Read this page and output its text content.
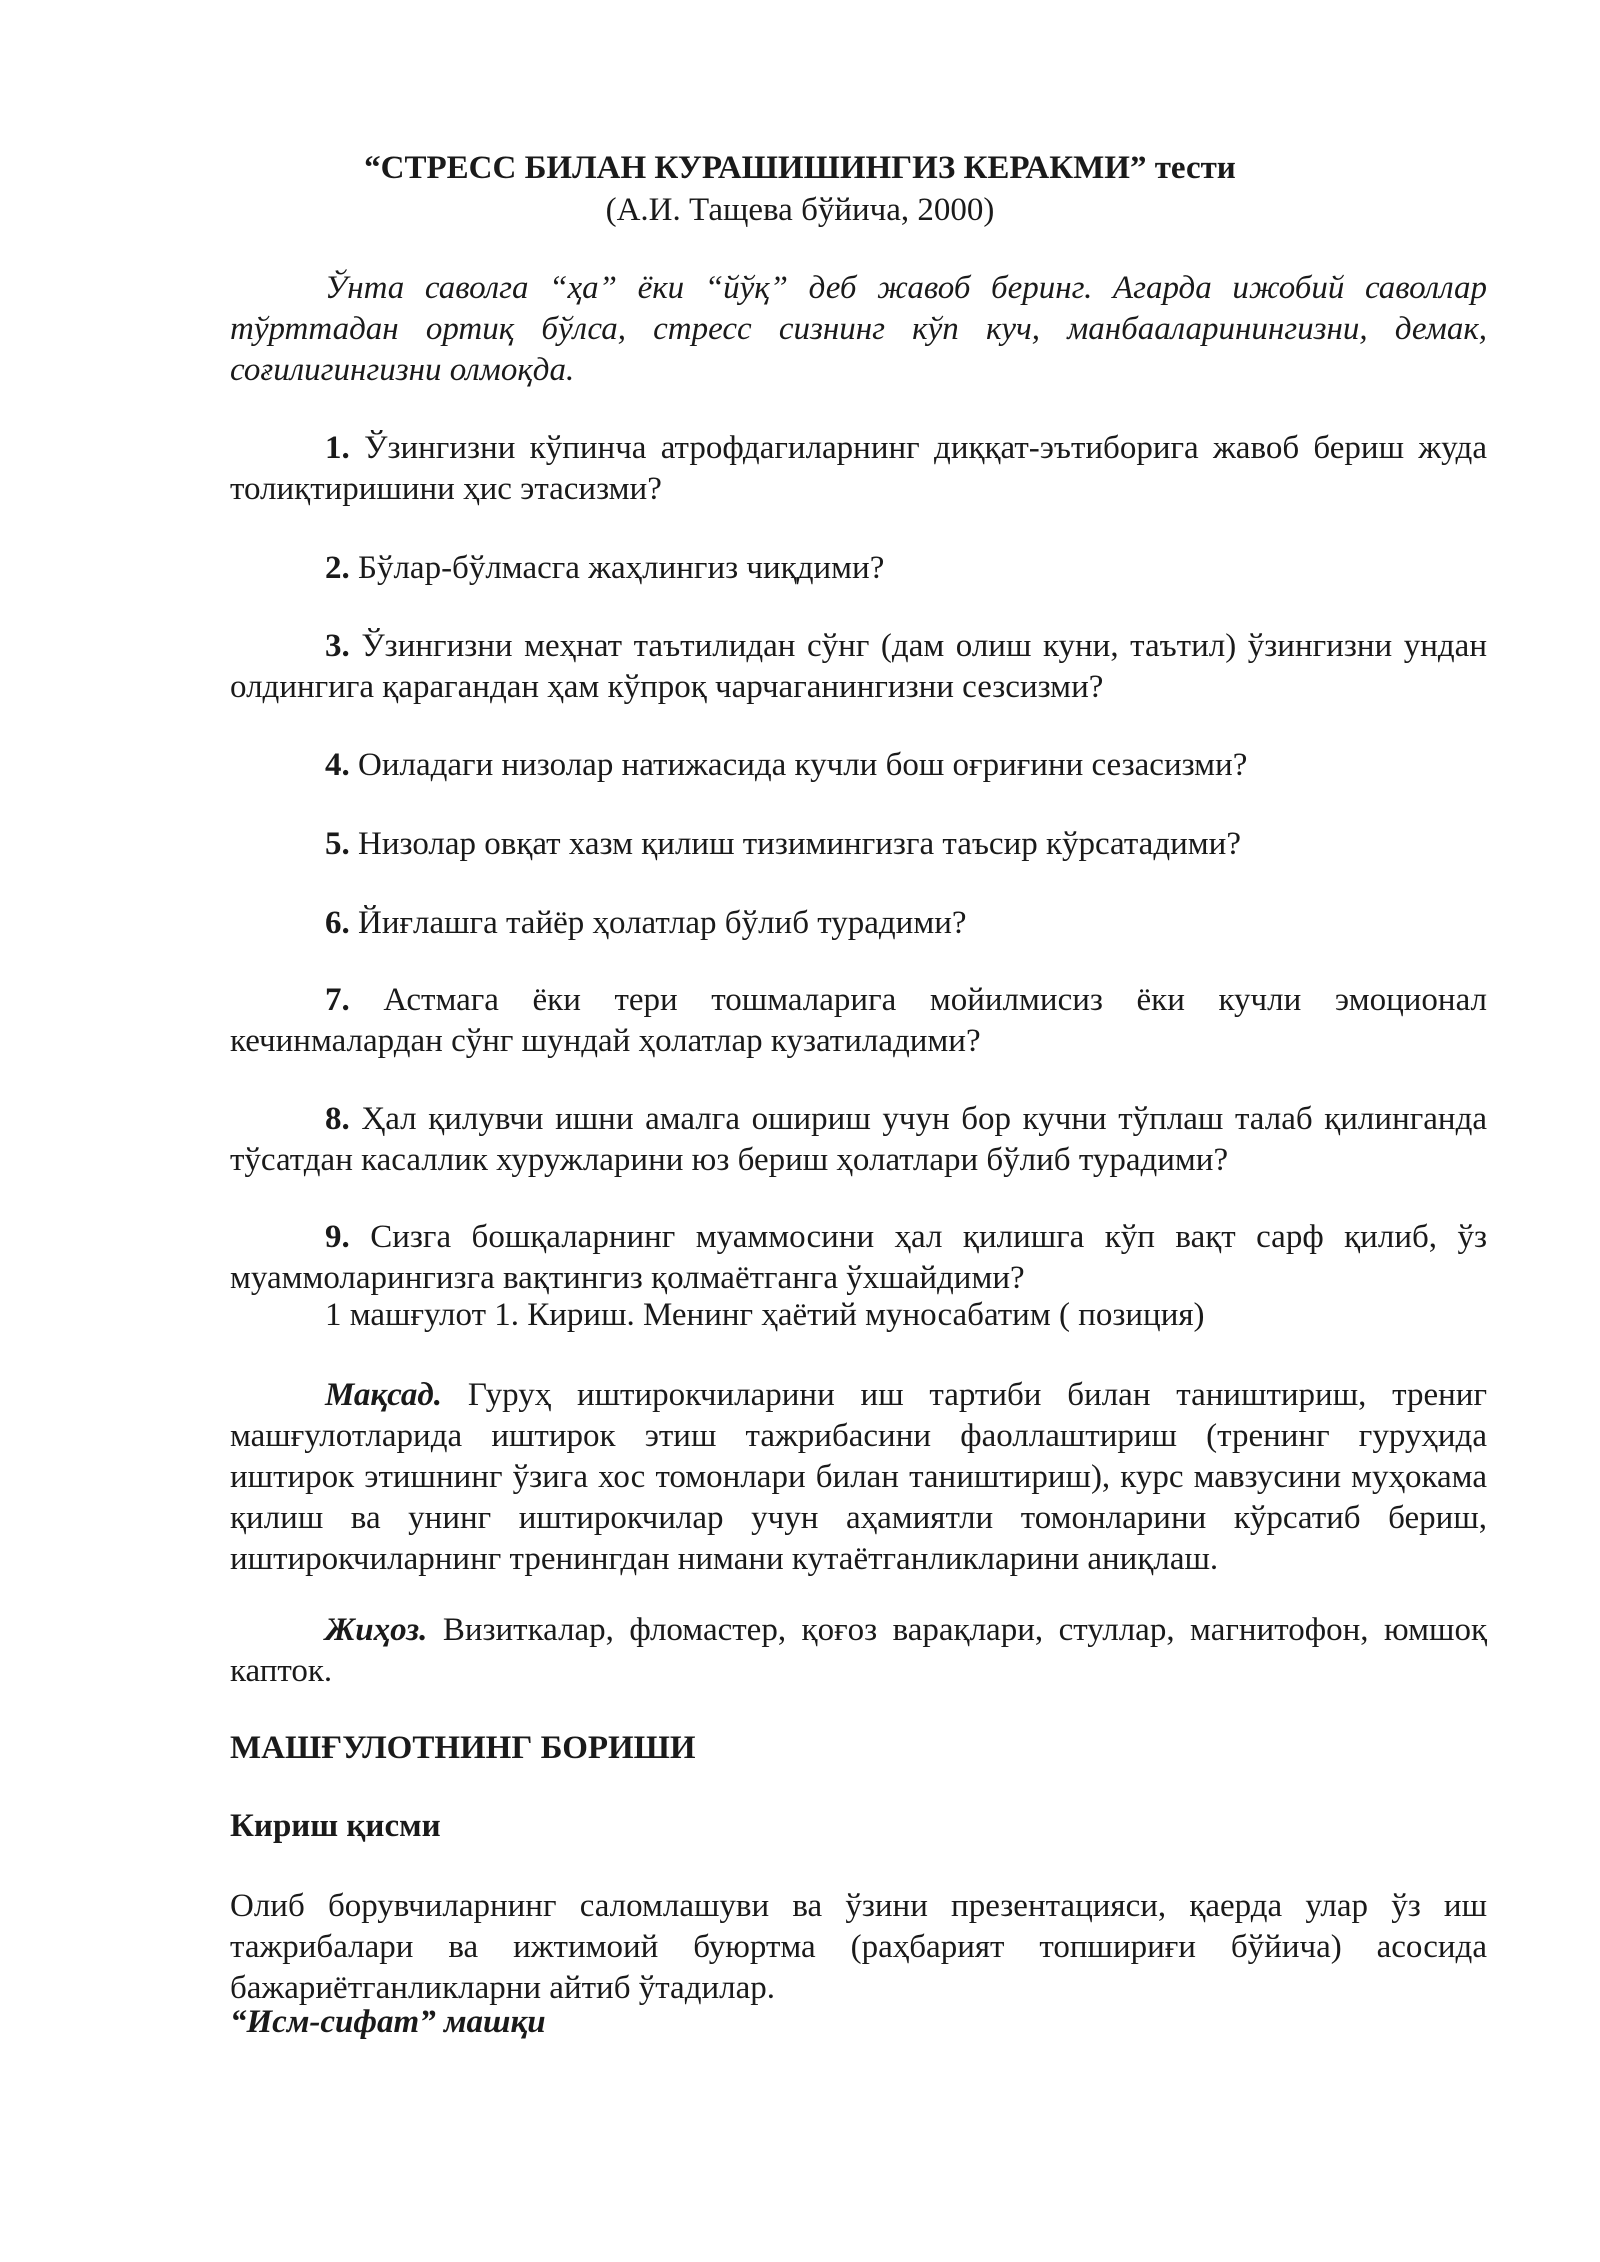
“СТРЕСС БИЛАН КУРАШИШИНГИЗ КЕРАКМИ” тести
(А.И. Тащева бўйича, 2000)
Ўнта саволга “ҳа” ёки “йўқ” деб жавоб беринг. Агарда ижобий саволлар тўрттадан ортиқ бўлса, стресс сизнинг кўп куч, манбааларинингизни, демак, соғилигингизни олмоқда.
1. Ўзингизни кўпинча атрофдагиларнинг диққат-эътиборига жавоб бериш жуда толиқтиришини ҳис этасизми?
2. Бўлар-бўлмасга жаҳлингиз чиқдими?
3. Ўзингизни меҳнат таътилидан сўнг (дам олиш куни, таътил) ўзингизни ундан олдингига қарагандан ҳам кўпроқ чарчаганингизни сезсизми?
4. Оиладаги низолар натижасида кучли бош оғриғини сезасизми?
5. Низолар овқат хазм қилиш тизимингизга таъсир кўрсатадими?
6. Йиғлашга тайёр ҳолатлар бўлиб турадими?
7. Астмага ёки тери тошмаларига мойилмисиз ёки кучли эмоционал кечинмалардан сўнг шундай ҳолатлар кузатиладими?
8. Ҳал қилувчи ишни амалга ошириш учун бор кучни тўплаш талаб қилинганда тўсатдан касаллик хуружларини юз бериш ҳолатлари бўлиб турадими?
9. Сизга бошқаларнинг муаммосини ҳал қилишга кўп вақт сарф қилиб, ўз муаммоларингизга вақтингиз қолмаётганга ўхшайдими?
1 машғулот 1. Кириш. Менинг ҳаётий муносабатим ( позиция)
Мақсад. Гуруҳ иштирокчиларини иш тартиби билан таништириш, трениг машғулотларида иштирок этиш тажрибасини фаоллаштириш (тренинг гуруҳида иштирок этишнинг ўзига хос томонлари билан таништириш), курс мавзусини муҳокама қилиш ва унинг иштирокчилар учун аҳамиятли томонларини кўрсатиб бериш, иштирокчиларнинг тренингдан нимани кутаётганликларини аниқлаш.
Жиҳоз. Визиткалар, фломастер, қоғоз варақлари, стуллар, магнитофон, юмшоқ капток.
МАШҒУЛОТНИНГ БОРИШИ
Кириш қисми
Олиб борувчиларнинг саломлашуви ва ўзини презентацияси, қаерда улар ўз иш тажрибалари ва ижтимоий буюртма (раҳбарият топшириғи бўйича) асосида бажариётганликларни айтиб ўтадилар.
“Исм-сифат” машқи
